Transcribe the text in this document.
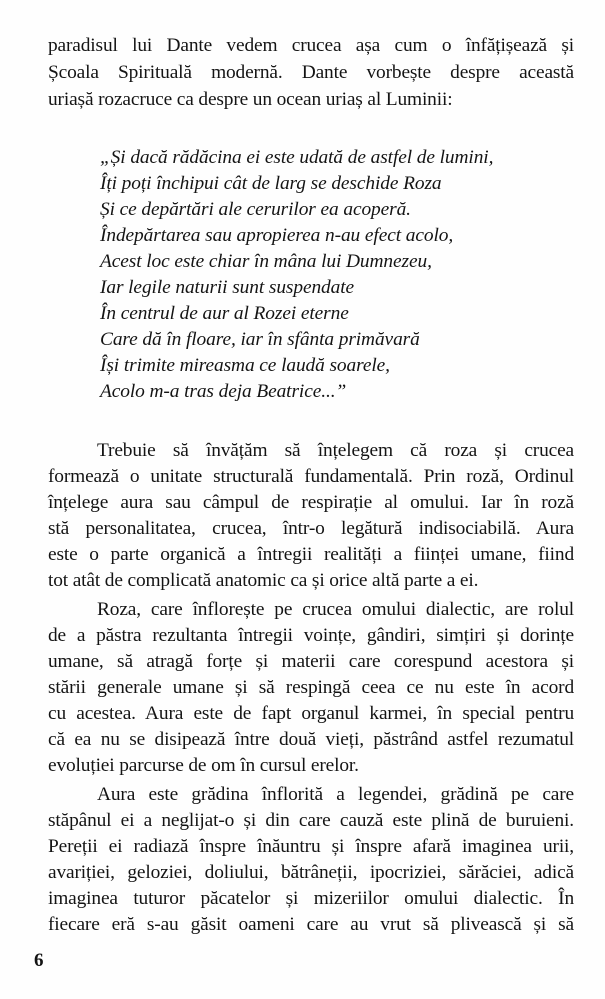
paradisul lui Dante vedem crucea așa cum o înfățișează și
Școala Spirituală modernă. Dante vorbește despre această
uriașă rozacruce ca despre un ocean uriaș al Luminii:
„Și dacă rădăcina ei este udată de astfel de lumini,
Îți poți închipui cât de larg se deschide Roza
Și ce depărtări ale cerurilor ea acoperă.
Îndepărtarea sau apropierea n-au efect acolo,
Acest loc este chiar în mâna lui Dumnezeu,
Iar legile naturii sunt suspendate
În centrul de aur al Rozei eterne
Care dă în floare, iar în sfânta primăvară
Își trimite mireasma ce laudă soarele,
Acolo m-a tras deja Beatrice...”
Trebuie să învățăm să înțelegem că roza și crucea
formează o unitate structurală fundamentală. Prin roză, Ordinul
înțelege aura sau câmpul de respirație al omului. Iar în roză
stă personalitatea, crucea, într-o legătură indisociabilă. Aura
este o parte organică a întregii realități a ființei umane, fiind
tot atât de complicată anatomic ca și orice altă parte a ei.
Roza, care înflorește pe crucea omului dialectic, are rolul
de a păstra rezultanta întregii voințe, gândiri, simțiri și dorințe
umane, să atragă forțe și materii care corespund acestora și
stării generale umane și să respingă ceea ce nu este în acord
cu acestea. Aura este de fapt organul karmei, în special pentru
că ea nu se disipează între două vieți, păstrând astfel rezumatul
evoluției parcurse de om în cursul erelor.
Aura este grădina înflorită a legendei, grădină pe care
stăpânul ei a neglijat-o și din care cauză este plină de buruieni.
Pereții ei radiază înspre înăuntru și înspre afară imaginea urii,
avariției, geloziei, doliului, bătrâneții, ipocriziei, sărăciei, adică
imaginea tuturor păcatelor și mizeriilor omului dialectic. În
fiecare eră s-au găsit oameni care au vrut să plivească și să
6
